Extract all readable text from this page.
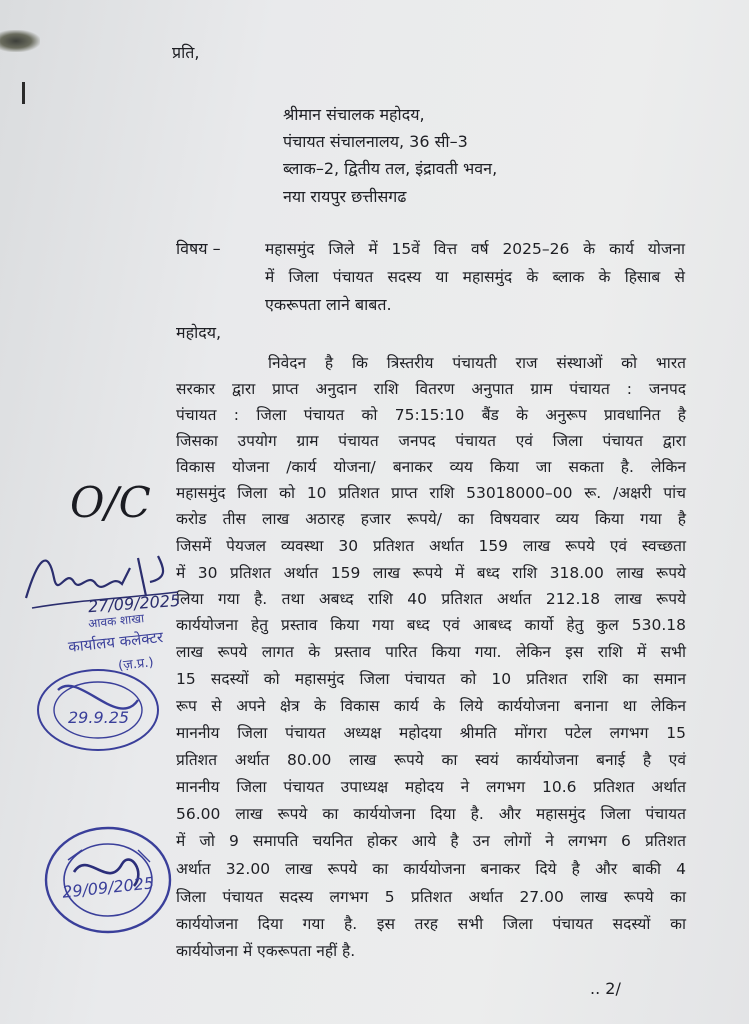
प्रति,
श्रीमान संचालक महोदय,
पंचायत संचालनालय, 36 सी–3
ब्लाक–2, द्वितीय तल, इंद्रावती भवन,
नया रायपुर छत्तीसगढ
विषय –	महासमुंद जिले में 15वें वित्त वर्ष 2025–26 के कार्य योजना
में जिला पंचायत सदस्य या महासमुंद के ब्लाक के हिसाब से
एकरूपता लाने बाबत.
महोदय,
निवेदन है कि त्रिस्तरीय पंचायती राज संस्थाओं को भारत
सरकार द्वारा प्राप्त अनुदान राशि वितरण अनुपात ग्राम पंचायत : जनपद
पंचायत : जिला पंचायत को 75:15:10 बैंड के अनुरूप प्रावधानित है
जिसका उपयोग ग्राम पंचायत जनपद पंचायत एवं जिला पंचायत द्वारा
विकास योजना /कार्य योजना/ बनाकर व्यय किया जा सकता है. लेकिन
महासमुंद जिला को 10 प्रतिशत प्राप्त राशि 53018000–00 रू. /अक्षरी पांच
करोड तीस लाख अठारह हजार रूपये/ का विषयवार व्यय किया गया है
जिसमें पेयजल व्यवस्था 30 प्रतिशत अर्थात 159 लाख रूपये एवं स्वच्छता
में 30 प्रतिशत अर्थात 159 लाख रूपये में बध्द राशि 318.00 लाख रूपये
लिया गया है. तथा अबध्द राशि 40 प्रतिशत अर्थात 212.18 लाख रूपये
कार्ययोजना हेतु प्रस्ताव किया गया बध्द एवं आबध्द कार्यो हेतु कुल 530.18
लाख रूपये लागत के प्रस्ताव पारित किया गया. लेकिन इस राशि में सभी
15 सदस्यों को महासमुंद जिला पंचायत को 10 प्रतिशत राशि का समान
रूप से अपने क्षेत्र के विकास कार्य के लिये कार्ययोजना बनाना था लेकिन
माननीय जिला पंचायत अध्यक्ष महोदया श्रीमति मोंगरा पटेल लगभग 15
प्रतिशत अर्थात 80.00 लाख रूपये का स्वयं कार्ययोजना बनाई है एवं
माननीय जिला पंचायत उपाध्यक्ष महोदय ने लगभग 10.6 प्रतिशत अर्थात
56.00 लाख रूपये का कार्ययोजना दिया है. और महासमुंद जिला पंचायत
में जो 9 समापति चयनित होकर आये है उन लोगों ने लगभग 6 प्रतिशत
अर्थात 32.00 लाख रूपये का कार्ययोजना बनाकर दिये है और बाकी 4
जिला पंचायत सदस्य लगभग 5 प्रतिशत अर्थात 27.00 लाख रूपये का
कार्ययोजना दिया गया है. इस तरह सभी जिला पंचायत सदस्यों का
कार्ययोजना में एकरूपता नहीं है.
.. 2/
O/C
27/09/2025
आवक शाखा
कार्यालय कलेक्टर
(ज़.प्र.)
29.9.25
29/09/2025
